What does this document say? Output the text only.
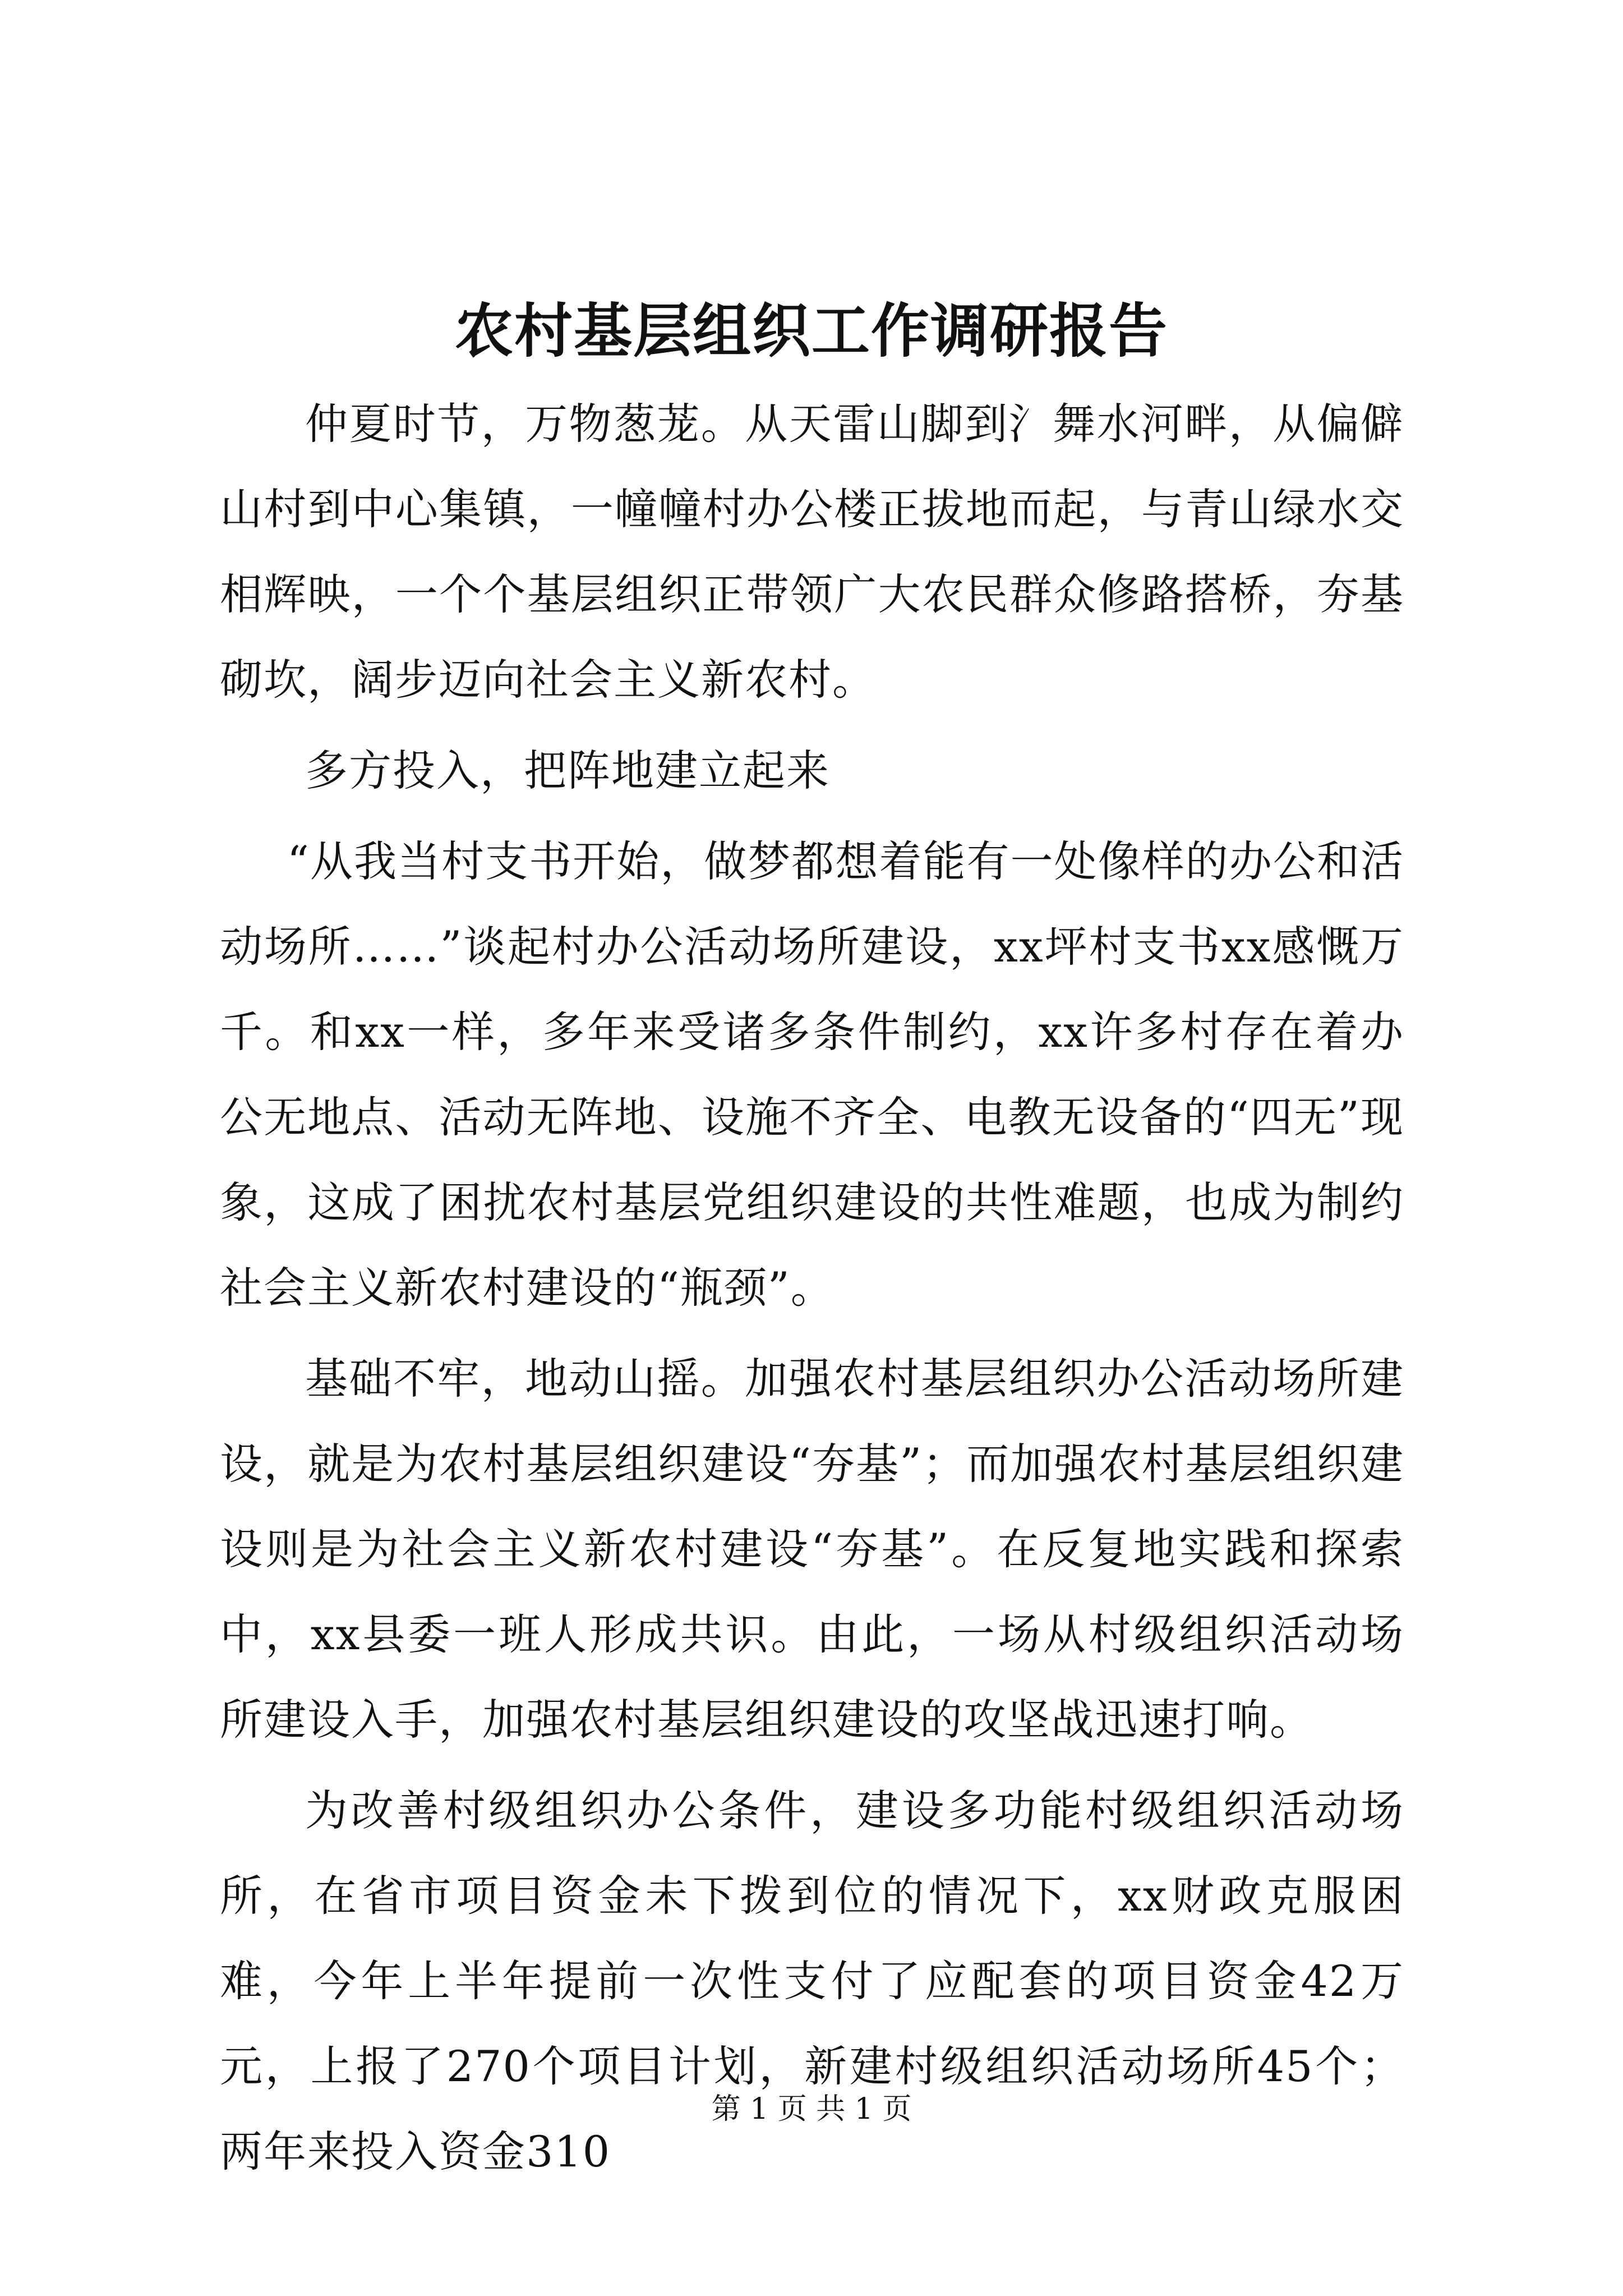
农村基层组织工作调研报告

仲夏时节，万物葱茏。从天雷山脚到氵舞水河畔，从偏僻山村到中心集镇，一幢幢村办公楼正拔地而起，与青山绿水交相辉映，一个个基层组织正带领广大农民群众修路搭桥，夯基砌坎，阔步迈向社会主义新农村。

多方投入，把阵地建立起来

“从我当村支书开始，做梦都想着能有一处像样的办公和活动场所……”谈起村办公活动场所建设，xx坪村支书xx感慨万千。和xx一样，多年来受诸多条件制约，xx许多村存在着办公无地点、活动无阵地、设施不齐全、电教无设备的“四无”现象，这成了困扰农村基层党组织建设的共性难题，也成为制约社会主义新农村建设的“瓶颈”。

基础不牢，地动山摇。加强农村基层组织办公活动场所建设，就是为农村基层组织建设“夯基”；而加强农村基层组织建设则是为社会主义新农村建设“夯基”。在反复地实践和探索中，xx县委一班人形成共识。由此，一场从村级组织活动场所建设入手，加强农村基层组织建设的攻坚战迅速打响。

为改善村级组织办公条件，建设多功能村级组织活动场所，在省市项目资金未下拨到位的情况下，xx财政克服困难，今年上半年提前一次性支付了应配套的项目资金42万元，上报了270个项目计划，新建村级组织活动场所45个；两年来投入资金310

第 1 页 共 1 页
